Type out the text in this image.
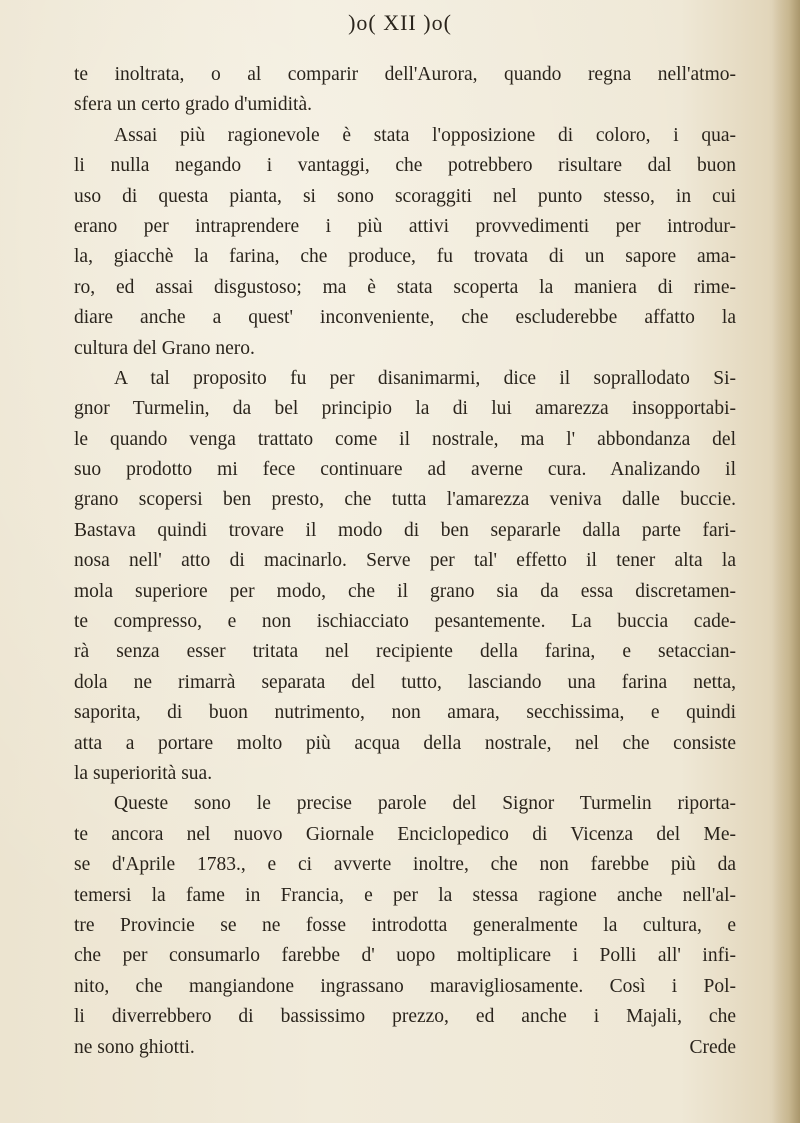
)o( XII )o(
te inoltrata, o al comparir dell'Aurora, quando regna nell'atmo-
sfera un certo grado d'umidità.
Assai più ragionevole è stata l'opposizione di coloro, i qua-
li nulla negando i vantaggi, che potrebbero risultare dal buon
uso di questa pianta, si sono scoraggiti nel punto stesso, in cui
erano per intraprendere i più attivi provvedimenti per introdur-
la, giacchè la farina, che produce, fu trovata di un sapore ama-
ro, ed assai disgustoso; ma è stata scoperta la maniera di rime-
diare anche a quest' inconveniente, che escluderebbe affatto la
cultura del Grano nero.
A tal proposito fu per disanimarmi, dice il soprallodato Si-
gnor Turmelin, da bel principio la di lui amarezza insopportabi-
le quando venga trattato come il nostrale, ma l' abbondanza del
suo prodotto mi fece continuare ad averne cura. Analizando il
grano scopersi ben presto, che tutta l'amarezza veniva dalle buccie.
Bastava quindi trovare il modo di ben separarle dalla parte fari-
nosa nell' atto di macinarlo. Serve per tal' effetto il tener alta la
mola superiore per modo, che il grano sia da essa discretamen-
te compresso, e non ischiacciato pesantemente. La buccia cade-
rà senza esser tritata nel recipiente della farina, e setaccian-
dola ne rimarrà separata del tutto, lasciando una farina netta,
saporita, di buon nutrimento, non amara, secchissima, e quindi
atta a portare molto più acqua della nostrale, nel che consiste
la superiorità sua.
Queste sono le precise parole del Signor Turmelin riporta-
te ancora nel nuovo Giornale Enciclopedico di Vicenza del Me-
se d'Aprile 1783., e ci avverte inoltre, che non farebbe più da
temersi la fame in Francia, e per la stessa ragione anche nell'al-
tre Provincie se ne fosse introdotta generalmente la cultura, e
che per consumarlo farebbe d' uopo moltiplicare i Polli all' infi-
nito, che mangiandone ingrassano maravigliosamente. Così i Pol-
li diverrebbero di bassissimo prezzo, ed anche i Majali, che
ne sono ghiotti.	Crede
